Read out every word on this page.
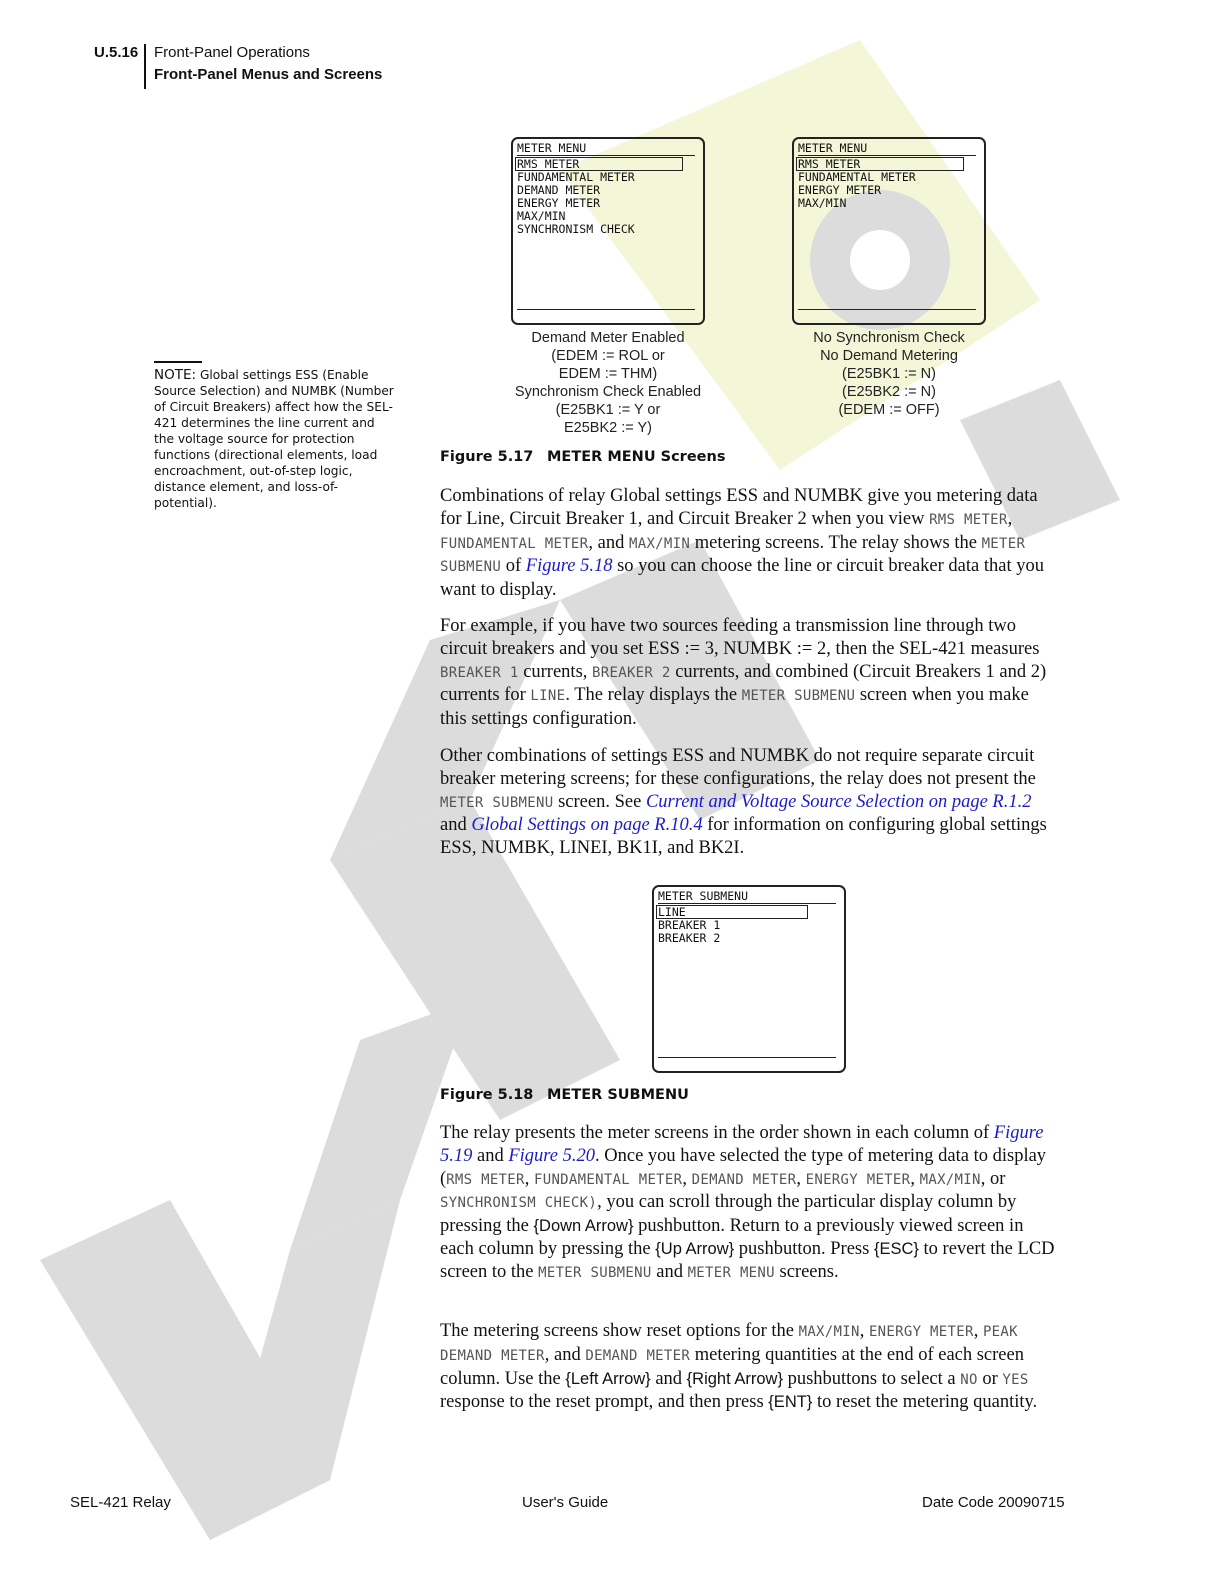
U.5.16 Front-Panel Operations
Front-Panel Menus and Screens
METER MENU
RMS METER
FUNDAMENTAL METER
DEMAND METER
ENERGY METER
MAX/MIN
SYNCHRONISM CHECK
METER MENU
RMS METER
FUNDAMENTAL METER
ENERGY METER
MAX/MIN
Demand Meter Enabled
(EDEM := ROL or
EDEM := THM)
Synchronism Check Enabled
(E25BK1 := Y or
E25BK2 := Y)
No Synchronism Check
No Demand Metering
(E25BK1 := N)
(E25BK2 := N)
(EDEM := OFF)
NOTE: Global settings ESS (Enable Source Selection) and NUMBK (Number of Circuit Breakers) affect how the SEL-421 determines the line current and the voltage source for protection functions (directional elements, load encroachment, out-of-step logic, distance element, and loss-of-potential).
Figure 5.17 METER MENU Screens
Combinations of relay Global settings ESS and NUMBK give you metering data for Line, Circuit Breaker 1, and Circuit Breaker 2 when you view RMS METER, FUNDAMENTAL METER, and MAX/MIN metering screens. The relay shows the METER SUBMENU of Figure 5.18 so you can choose the line or circuit breaker data that you want to display.
For example, if you have two sources feeding a transmission line through two circuit breakers and you set ESS := 3, NUMBK := 2, then the SEL-421 measures BREAKER 1 currents, BREAKER 2 currents, and combined (Circuit Breakers 1 and 2) currents for LINE. The relay displays the METER SUBMENU screen when you make this settings configuration.
Other combinations of settings ESS and NUMBK do not require separate circuit breaker metering screens; for these configurations, the relay does not present the METER SUBMENU screen. See Current and Voltage Source Selection on page R.1.2 and Global Settings on page R.10.4 for information on configuring global settings ESS, NUMBK, LINEI, BK1I, and BK2I.
METER SUBMENU
LINE
BREAKER 1
BREAKER 2
Figure 5.18 METER SUBMENU
The relay presents the meter screens in the order shown in each column of Figure 5.19 and Figure 5.20. Once you have selected the type of metering data to display (RMS METER, FUNDAMENTAL METER, DEMAND METER, ENERGY METER, MAX/MIN, or SYNCHRONISM CHECK), you can scroll through the particular display column by pressing the {Down Arrow} pushbutton. Return to a previously viewed screen in each column by pressing the {Up Arrow} pushbutton. Press {ESC} to revert the LCD screen to the METER SUBMENU and METER MENU screens.
The metering screens show reset options for the MAX/MIN, ENERGY METER, PEAK DEMAND METER, and DEMAND METER metering quantities at the end of each screen column. Use the {Left Arrow} and {Right Arrow} pushbuttons to select a NO or YES response to the reset prompt, and then press {ENT} to reset the metering quantity.
SEL-421 Relay	User's Guide	Date Code 20090715
